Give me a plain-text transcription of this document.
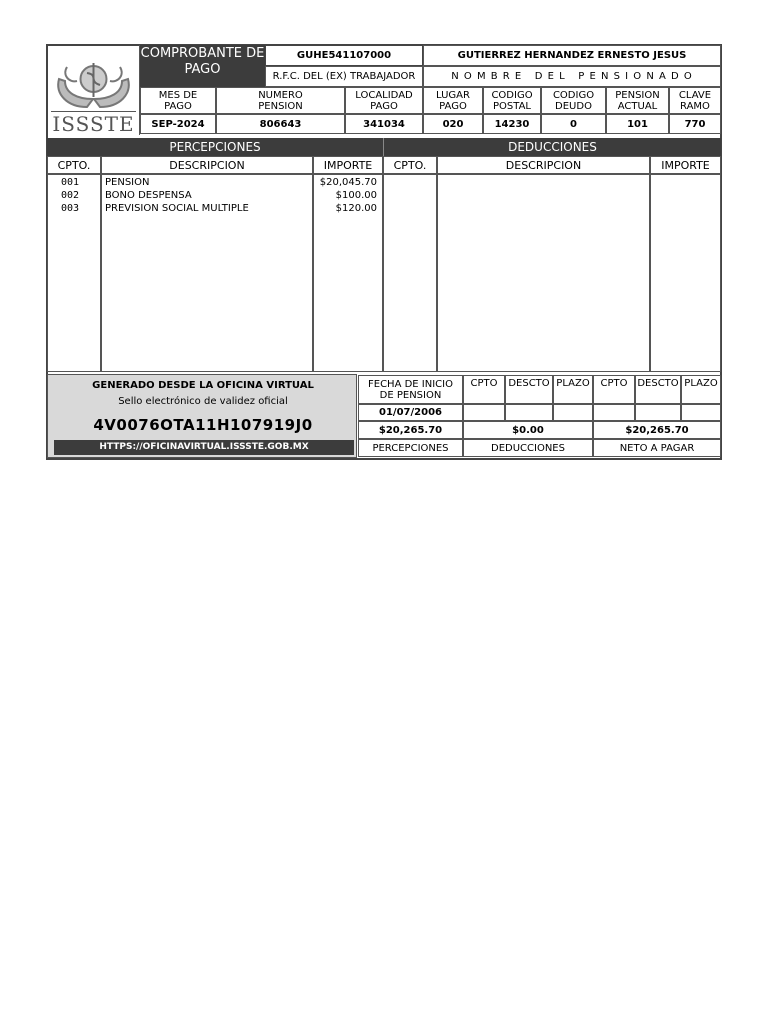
ISSSTE
COMPROBANTE DE PAGO
GUHE541107000
R.F.C. DEL (EX) TRABAJADOR
GUTIERREZ HERNANDEZ ERNESTO JESUS
N O M B R E   D E L   P E N S I O N A D O
MES DE PAGO
SEP-2024
NUMERO PENSION
806643
LOCALIDAD PAGO
341034
LUGAR PAGO
020
CODIGO POSTAL
14230
CODIGO DEUDO
0
PENSION ACTUAL
101
CLAVE RAMO
770
PERCEPCIONES	DEDUCCIONES
CPTO.	DESCRIPCION	IMPORTE CPTO.	DESCRIPCION	IMPORTE
001	PENSION	$20,045.70
002	BONO DESPENSA	$100.00
003	PREVISION SOCIAL MULTIPLE	$120.00
GENERADO DESDE LA OFICINA VIRTUAL
Sello electrónico de validez oficial
4V0076OTA11H107919J0
HTTPS://OFICINAVIRTUAL.ISSSTE.GOB.MX
FECHA DE INICIO DE PENSION
01/07/2006
CPTO DESCTO PLAZO CPTO DESCTO PLAZO
$20,265.70	$0.00	$20,265.70
PERCEPCIONES	DEDUCCIONES	NETO A PAGAR
